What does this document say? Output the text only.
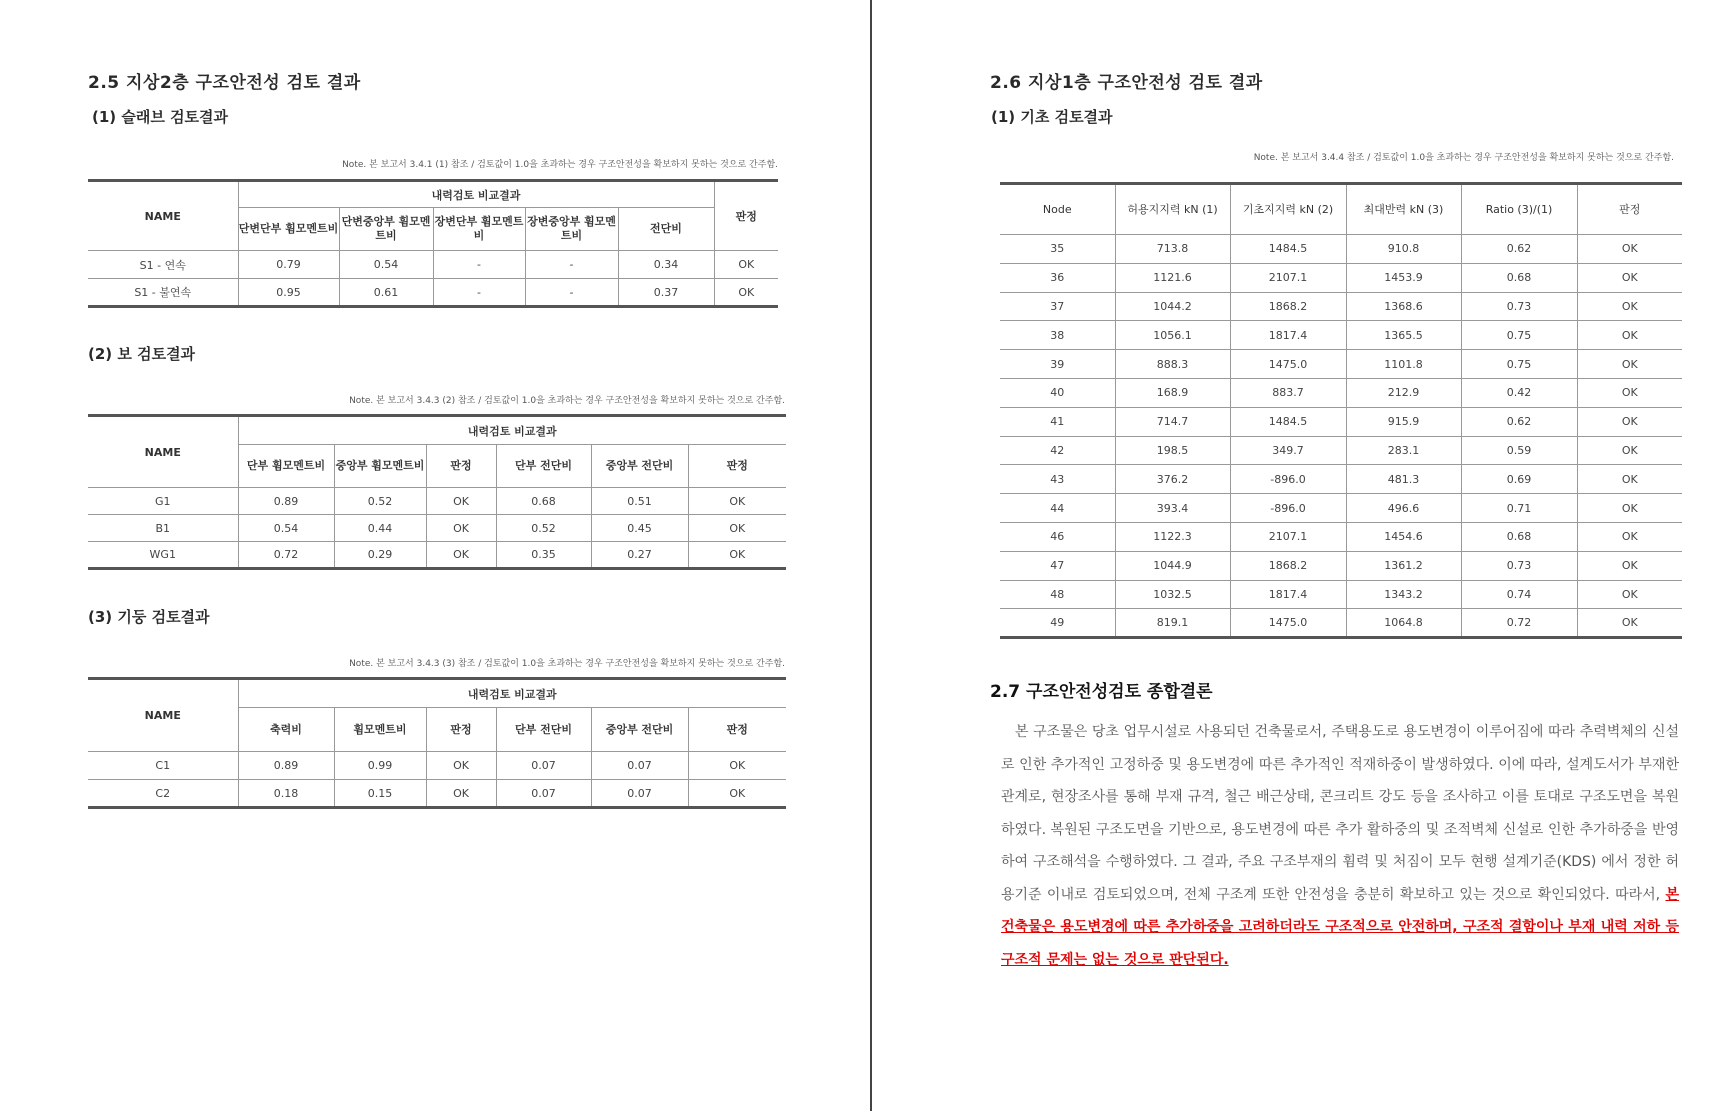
2.5 지상2층 구조안전성 검토 결과
(1) 슬래브 검토결과
Note. 본 보고서 3.4.1 (1) 참조 / 검토값이 1.0을 초과하는 경우 구조안전성을 확보하지 못하는 것으로 간주함.
NAME	내력검토 비교결과					판정
	단변단부 휨모멘트비	단변중앙부 휨모멘트비	장변단부 휨모멘트비	장변중앙부 휨모멘트비	전단비	
S1 - 연속	0.79	0.54	-	-	0.34	OK
S1 - 불연속	0.95	0.61	-	-	0.37	OK
(2) 보 검토결과
Note. 본 보고서 3.4.3 (2) 참조 / 검토값이 1.0을 초과하는 경우 구조안전성을 확보하지 못하는 것으로 간주함.
NAME	내력검토 비교결과					
	단부 휨모멘트비	중앙부 휨모멘트비	판정	단부 전단비	중앙부 전단비	판정
G1	0.89	0.52	OK	0.68	0.51	OK
B1	0.54	0.44	OK	0.52	0.45	OK
WG1	0.72	0.29	OK	0.35	0.27	OK
(3) 기둥 검토결과
Note. 본 보고서 3.4.3 (3) 참조 / 검토값이 1.0을 초과하는 경우 구조안전성을 확보하지 못하는 것으로 간주함.
NAME	내력검토 비교결과					
	축력비	휨모멘트비	판정	단부 전단비	중앙부 전단비	판정
C1	0.89	0.99	OK	0.07	0.07	OK
C2	0.18	0.15	OK	0.07	0.07	OK
2.6 지상1층 구조안전성 검토 결과
(1) 기초 검토결과
Note. 본 보고서 3.4.4 참조 / 검토값이 1.0을 초과하는 경우 구조안전성을 확보하지 못하는 것으로 간주함.
Node	허용지지력 kN (1)	기초지지력 kN (2)	최대반력 kN (3)	Ratio (3)/(1)	판정
35	713.8	1484.5	910.8	0.62	OK
36	1121.6	2107.1	1453.9	0.68	OK
37	1044.2	1868.2	1368.6	0.73	OK
38	1056.1	1817.4	1365.5	0.75	OK
39	888.3	1475.0	1101.8	0.75	OK
40	168.9	883.7	212.9	0.42	OK
41	714.7	1484.5	915.9	0.62	OK
42	198.5	349.7	283.1	0.59	OK
43	376.2	-896.0	481.3	0.69	OK
44	393.4	-896.0	496.6	0.71	OK
46	1122.3	2107.1	1454.6	0.68	OK
47	1044.9	1868.2	1361.2	0.73	OK
48	1032.5	1817.4	1343.2	0.74	OK
49	819.1	1475.0	1064.8	0.72	OK
2.7 구조안전성검토 종합결론
본 구조물은 당초 업무시설로 사용되던 건축물로서, 주택용도로 용도변경이 이루어짐에 따라 추력벽체의 신설로 인한 추가적인 고정하중 및 용도변경에 따른 추가적인 적재하중이 발생하였다. 이에 따라, 설계도서가 부재한 관계로, 현장조사를 통해 부재 규격, 철근 배근상태, 콘크리트 강도 등을 조사하고 이를 토대로 구조도면을 복원하였다. 복원된 구조도면을 기반으로, 용도변경에 따른 추가 활하중의 및 조적벽체 신설로 인한 추가하중을 반영하여 구조해석을 수행하였다. 그 결과, 주요 구조부재의 휨력 및 처짐이 모두 현행 설계기준(KDS) 에서 정한 허용기준 이내로 검토되었으며, 전체 구조계 또한 안전성을 충분히 확보하고 있는 것으로 확인되었다. 따라서, 본 건축물은 용도변경에 따른 추가하중을 고려하더라도 구조적으로 안전하며, 구조적 결함이나 부재 내력 저하 등 구조적 문제는 없는 것으로 판단된다.
